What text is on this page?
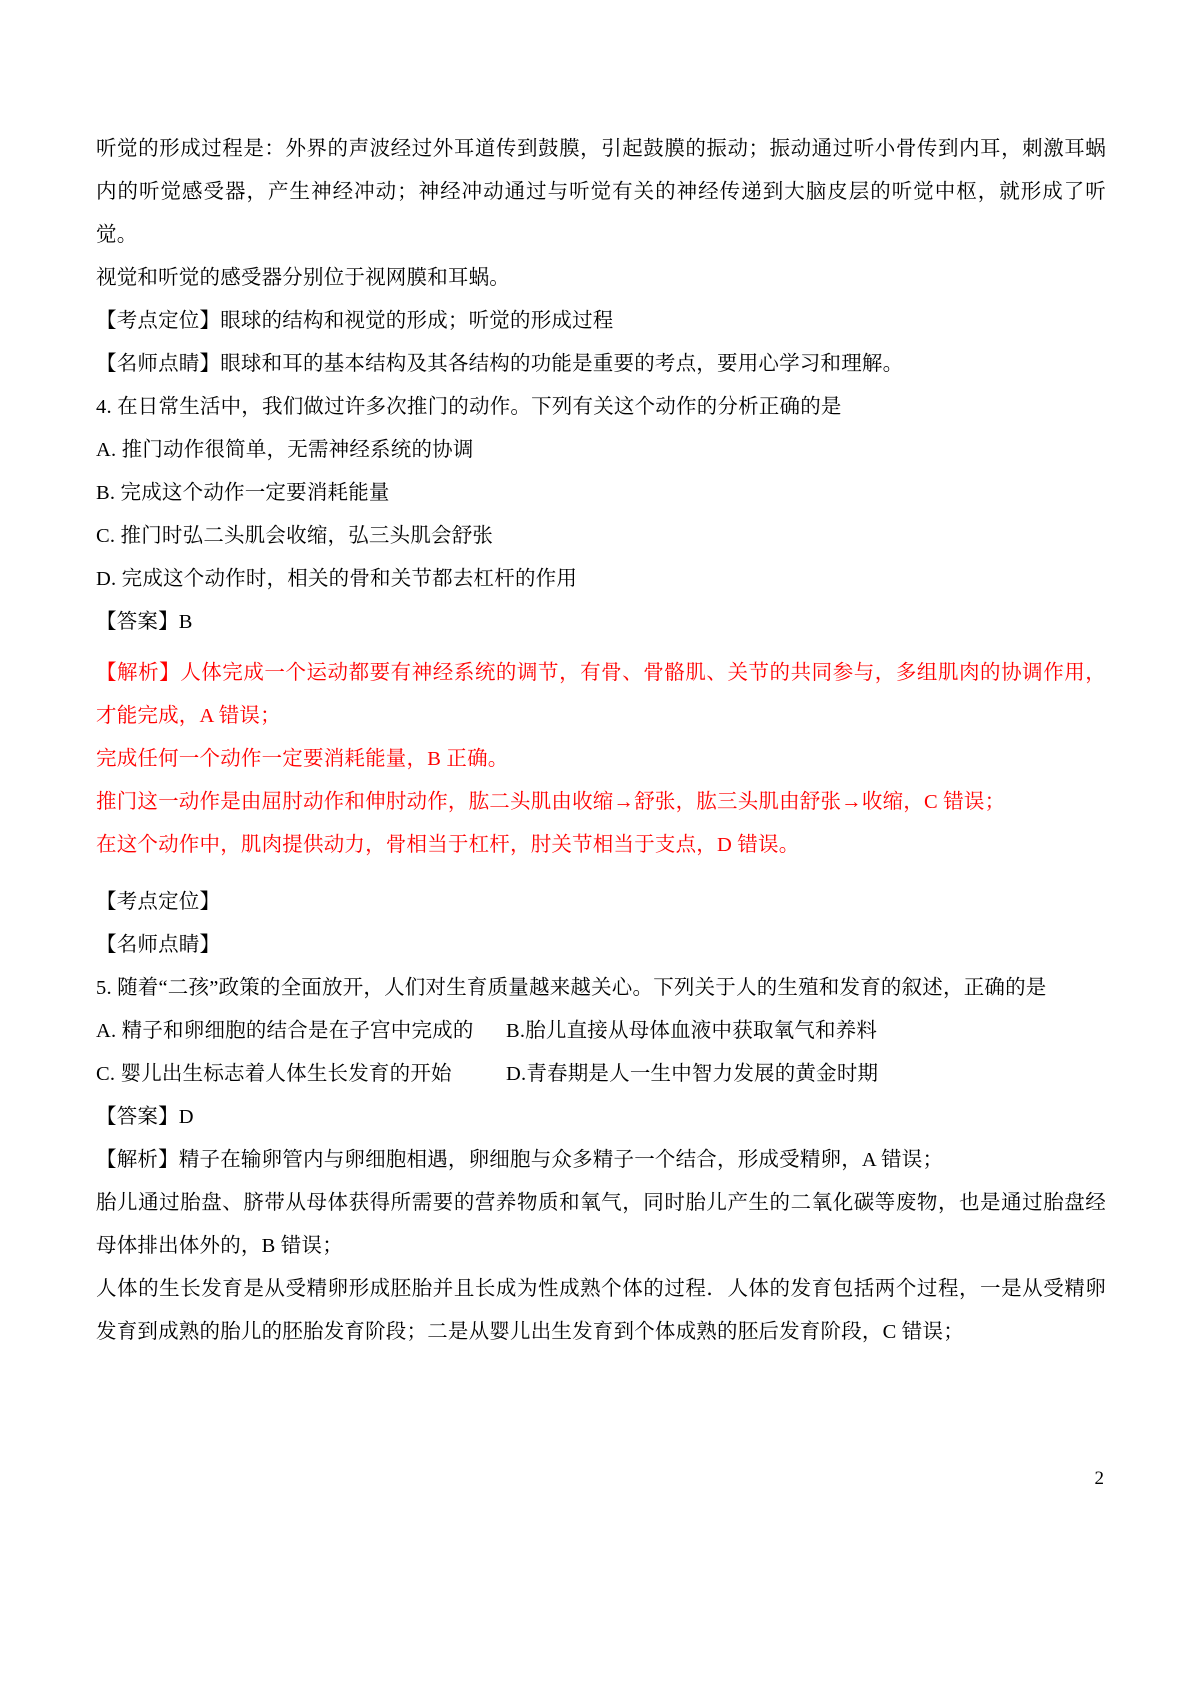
听觉的形成过程是：外界的声波经过外耳道传到鼓膜，引起鼓膜的振动；振动通过听小骨传到内耳，刺激耳蜗内的听觉感受器，产生神经冲动；神经冲动通过与听觉有关的神经传递到大脑皮层的听觉中枢，就形成了听觉。

视觉和听觉的感受器分别位于视网膜和耳蜗。

【考点定位】眼球的结构和视觉的形成；听觉的形成过程

【名师点睛】眼球和耳的基本结构及其各结构的功能是重要的考点，要用心学习和理解。

4. 在日常生活中，我们做过许多次推门的动作。下列有关这个动作的分析正确的是

A. 推门动作很简单，无需神经系统的协调

B. 完成这个动作一定要消耗能量

C. 推门时弘二头肌会收缩，弘三头肌会舒张

D. 完成这个动作时，相关的骨和关节都去杠杆的作用

【答案】B

【解析】人体完成一个运动都要有神经系统的调节，有骨、骨骼肌、关节的共同参与，多组肌肉的协调作用，才能完成，A 错误；

完成任何一个动作一定要消耗能量，B 正确。

推门这一动作是由屈肘动作和伸肘动作，肱二头肌由收缩→舒张，肱三头肌由舒张→收缩，C 错误；

在这个动作中，肌肉提供动力，骨相当于杠杆，肘关节相当于支点，D 错误。

【考点定位】

【名师点睛】

5. 随着“二孩”政策的全面放开，人们对生育质量越来越关心。下列关于人的生殖和发育的叙述，正确的是

A. 精子和卵细胞的结合是在子宫中完成的	B.胎儿直接从母体血液中获取氧气和养料

C. 婴儿出生标志着人体生长发育的开始	D.青春期是人一生中智力发展的黄金时期

【答案】D

【解析】精子在输卵管内与卵细胞相遇，卵细胞与众多精子一个结合，形成受精卵，A 错误；

胎儿通过胎盘、脐带从母体获得所需要的营养物质和氧气，同时胎儿产生的二氧化碳等废物，也是通过胎盘经母体排出体外的，B 错误；

人体的生长发育是从受精卵形成胚胎并且长成为性成熟个体的过程．人体的发育包括两个过程，一是从受精卵发育到成熟的胎儿的胚胎发育阶段；二是从婴儿出生发育到个体成熟的胚后发育阶段，C 错误；

2
